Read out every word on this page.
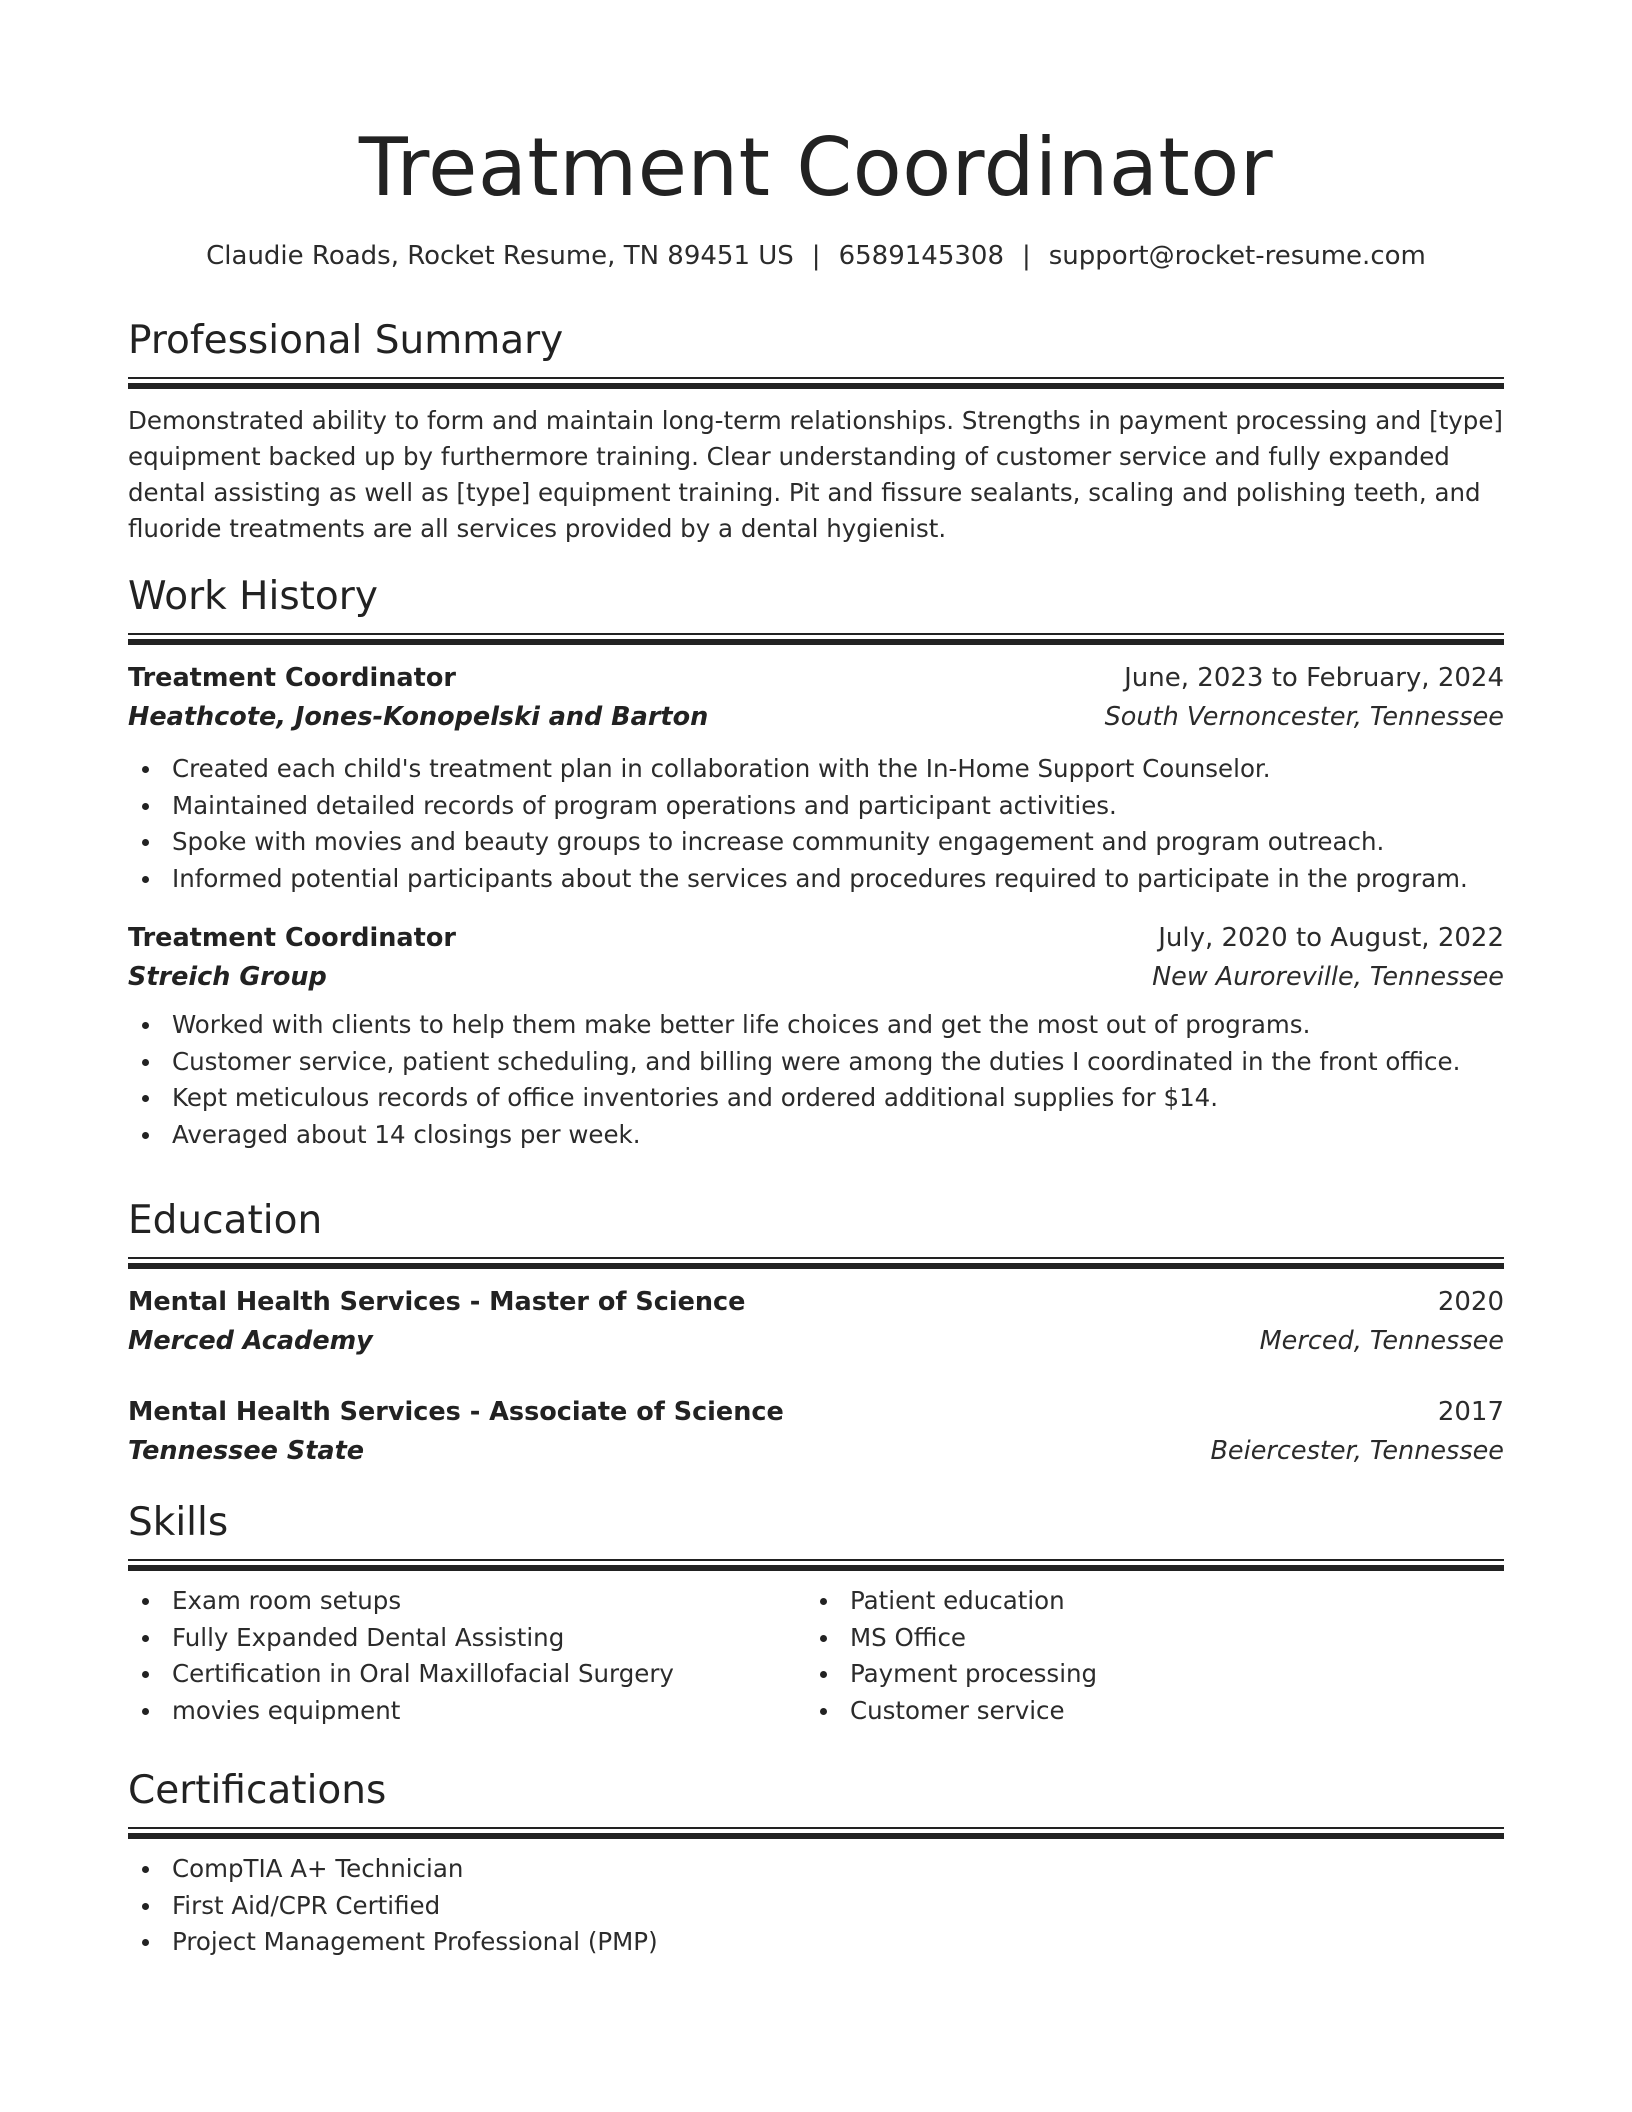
Treatment Coordinator
Claudie Roads, Rocket Resume, TN 89451 US | 6589145308 | support@rocket-resume.com
Professional Summary
Demonstrated ability to form and maintain long-term relationships. Strengths in payment processing and [type] equipment backed up by furthermore training. Clear understanding of customer service and fully expanded dental assisting as well as [type] equipment training. Pit and fissure sealants, scaling and polishing teeth, and fluoride treatments are all services provided by a dental hygienist.
Work History
Treatment Coordinator	June, 2023 to February, 2024
Heathcote, Jones-Konopelski and Barton	South Vernoncester, Tennessee
Created each child's treatment plan in collaboration with the In-Home Support Counselor.
Maintained detailed records of program operations and participant activities.
Spoke with movies and beauty groups to increase community engagement and program outreach.
Informed potential participants about the services and procedures required to participate in the program.
Treatment Coordinator	July, 2020 to August, 2022
Streich Group	New Auroreville, Tennessee
Worked with clients to help them make better life choices and get the most out of programs.
Customer service, patient scheduling, and billing were among the duties I coordinated in the front office.
Kept meticulous records of office inventories and ordered additional supplies for $14.
Averaged about 14 closings per week.
Education
Mental Health Services - Master of Science	2020
Merced Academy	Merced, Tennessee
Mental Health Services - Associate of Science	2017
Tennessee State	Beiercester, Tennessee
Skills
Exam room setups
Fully Expanded Dental Assisting
Certification in Oral Maxillofacial Surgery
movies equipment
Patient education
MS Office
Payment processing
Customer service
Certifications
CompTIA A+ Technician
First Aid/CPR Certified
Project Management Professional (PMP)
